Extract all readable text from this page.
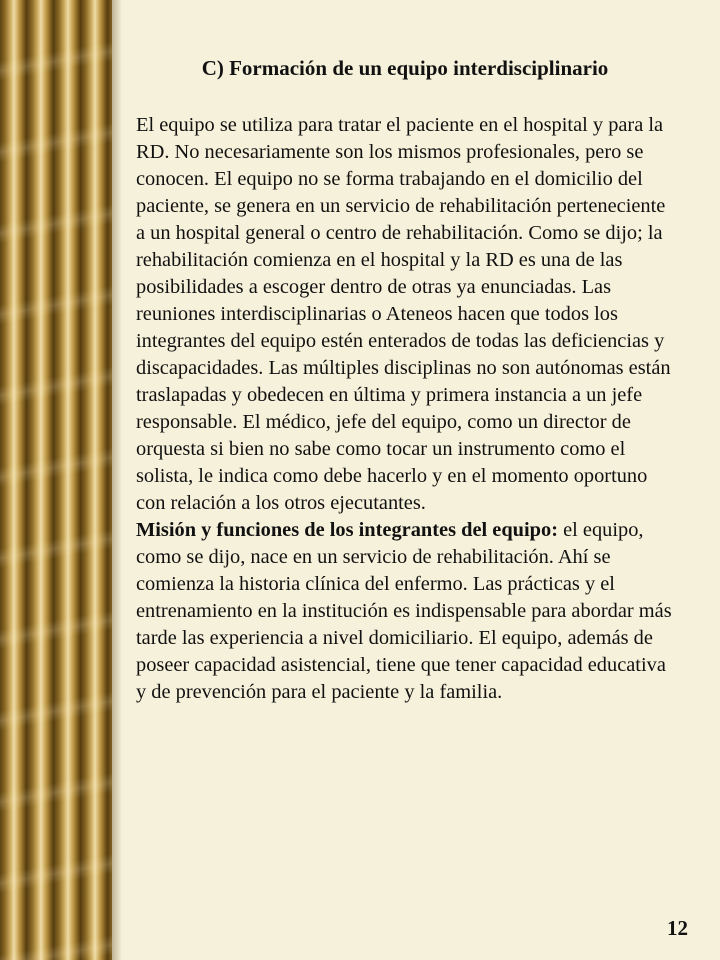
C) Formación de un equipo interdisciplinario

El equipo se utiliza para tratar el paciente en el hospital y para la RD. No necesariamente son los mismos profesionales, pero se conocen. El equipo no se forma trabajando en el domicilio del paciente, se genera en un servicio de rehabilitación perteneciente a un hospital general o centro de rehabilitación. Como se dijo; la rehabilitación comienza en el hospital y la RD es una de las posibilidades a escoger dentro de otras ya enunciadas. Las reuniones interdisciplinarias o Ateneos hacen que todos los integrantes del equipo estén enterados de todas las deficiencias y discapacidades. Las múltiples disciplinas no son autónomas están traslapadas y obedecen en última y primera instancia a un jefe responsable. El médico, jefe del equipo, como un director de orquesta si bien no sabe como tocar un instrumento como el solista, le indica como debe hacerlo y en el momento oportuno con relación a los otros ejecutantes.

Misión y funciones de los integrantes del equipo: el equipo, como se dijo, nace en un servicio de rehabilitación. Ahí se comienza la historia clínica del enfermo. Las prácticas y el entrenamiento en la institución es indispensable para abordar más tarde las experiencia a nivel domiciliario. El equipo, además de poseer capacidad asistencial, tiene que tener capacidad educativa y de prevención para el paciente y la familia.

12
